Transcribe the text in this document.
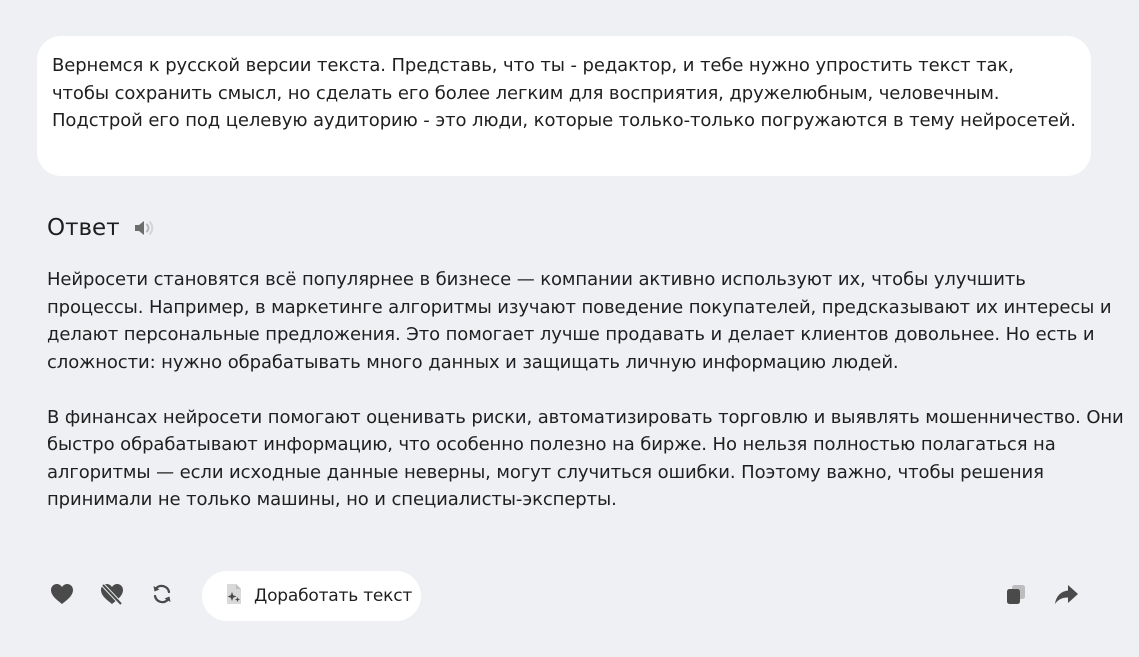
Вернемся к русской версии текста. Представь, что ты - редактор, и тебе нужно упростить текст так, чтобы сохранить смысл, но сделать его более легким для восприятия, дружелюбным, человечным. Подстрой его под целевую аудиторию - это люди, которые только-только погружаются в тему нейросетей.
Ответ

Нейросети становятся всё популярнее в бизнесе — компании активно используют их, чтобы улучшить процессы. Например, в маркетинге алгоритмы изучают поведение покупателей, предсказывают их интересы и делают персональные предложения. Это помогает лучше продавать и делает клиентов довольнее. Но есть и сложности: нужно обрабатывать много данных и защищать личную информацию людей.

В финансах нейросети помогают оценивать риски, автоматизировать торговлю и выявлять мошенничество. Они быстро обрабатывают информацию, что особенно полезно на бирже. Но нельзя полностью полагаться на алгоритмы — если исходные данные неверны, могут случиться ошибки. Поэтому важно, чтобы решения принимали не только машины, но и специалисты-эксперты.

Доработать текст
